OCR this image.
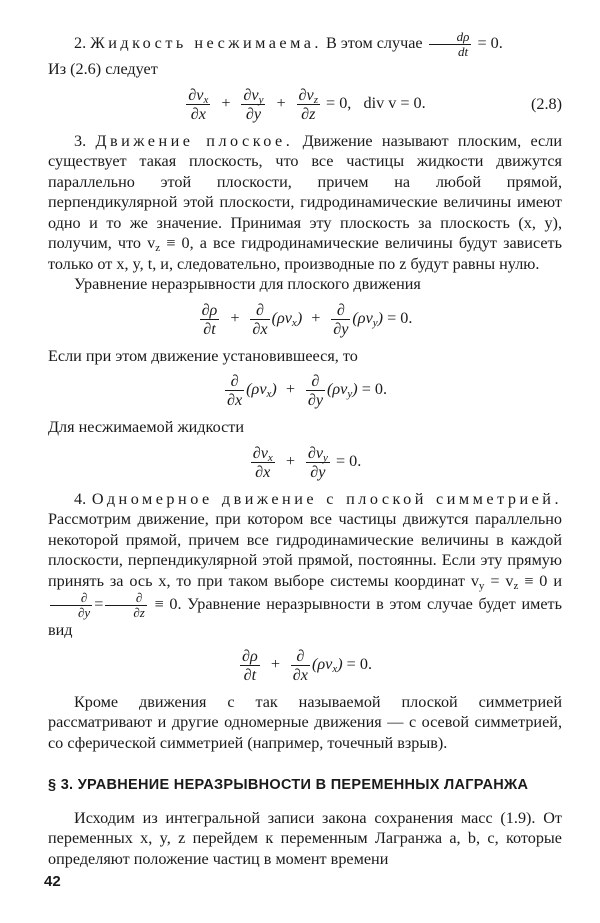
2. Жидкость несжимаема. В этом случае $\frac{d\rho}{dt} = 0$.

Из (2.6) следует

$\frac{\partial v_x}{\partial x} + \frac{\partial v_y}{\partial y} + \frac{\partial v_z}{\partial z} = 0$,   div v = 0.	(2.8)

3. Движение плоское. Движение называют плоским, если существует такая плоскость, что все частицы жидкости движутся параллельно этой плоскости, причем на любой прямой, перпендикулярной этой плоскости, гидродинамические величины имеют одно и то же значение. Принимая эту плоскость за плоскость (x, y), получим, что $v_z \equiv 0$, а все гидродинамические величины будут зависеть только от x, y, t, и, следовательно, производные по z будут равны нулю.

Уравнение неразрывности для плоского движения

$\frac{\partial\rho}{\partial t} + \frac{\partial}{\partial x} (\rho v_x) + \frac{\partial}{\partial y} (\rho v_y) = 0$.

Если при этом движение установившееся, то

$\frac{\partial}{\partial x} (\rho v_x) + \frac{\partial}{\partial y} (\rho v_y) = 0$.

Для несжимаемой жидкости

$\frac{\partial v_x}{\partial x} + \frac{\partial v_y}{\partial y} = 0$.

4. Одномерное движение с плоской симметрией. Рассмотрим движение, при котором все частицы движутся параллельно некоторой прямой, причем все гидродинамические величины в каждой плоскости, перпендикулярной этой прямой, постоянны. Если эту прямую принять за ось x, то при таком выборе системы координат $v_y = v_z \equiv 0$ и
$\frac{\partial}{\partial y} = \frac{\partial}{\partial z} \equiv 0$. Уравнение неразрывности в этом случае будет иметь вид

$\frac{\partial\rho}{\partial t} + \frac{\partial}{\partial x} (\rho v_x) = 0$.

Кроме движения с так называемой плоской симметрией рассматривают и другие одномерные движения — с осевой симметрией, со сферической симметрией (например, точечный взрыв).

§ 3. УРАВНЕНИЕ НЕРАЗРЫВНОСТИ В ПЕРЕМЕННЫХ ЛАГРАНЖА

Исходим из интегральной записи закона сохранения масс (1.9). От переменных x, y, z перейдем к переменным Лагранжа a, b, c, которые определяют положение частиц в момент времени

42
